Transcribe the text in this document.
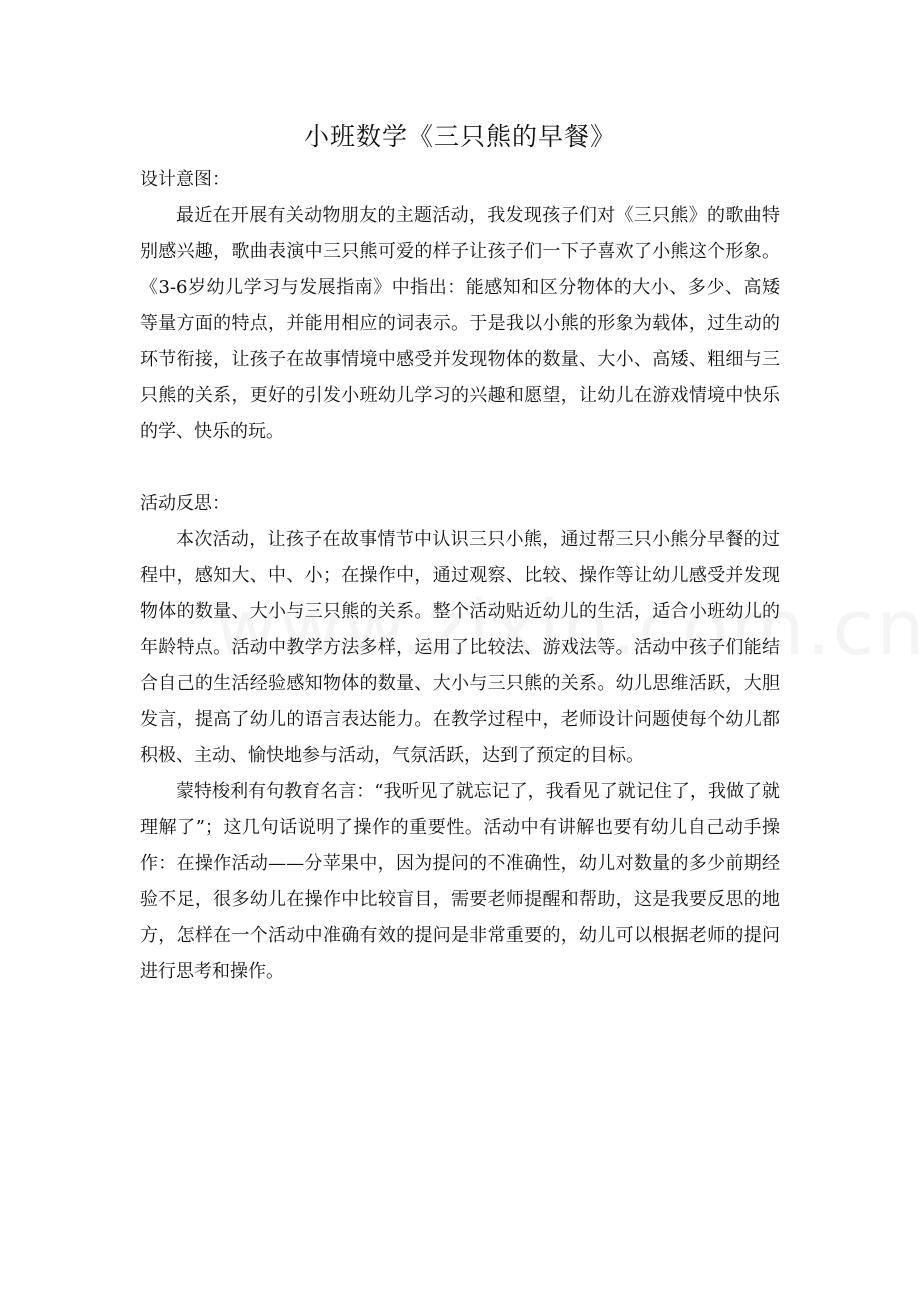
小班数学《三只熊的早餐》

设计意图：

最近在开展有关动物朋友的主题活动，我发现孩子们对《三只熊》的歌曲特别感兴趣，歌曲表演中三只熊可爱的样子让孩子们一下子喜欢了小熊这个形象。《3-6岁幼儿学习与发展指南》中指出：能感知和区分物体的大小、多少、高矮等量方面的特点，并能用相应的词表示。于是我以小熊的形象为载体，过生动的环节衔接，让孩子在故事情境中感受并发现物体的数量、大小、高矮、粗细与三只熊的关系，更好的引发小班幼儿学习的兴趣和愿望，让幼儿在游戏情境中快乐的学、快乐的玩。

活动反思：

本次活动，让孩子在故事情节中认识三只小熊，通过帮三只小熊分早餐的过程中，感知大、中、小；在操作中，通过观察、比较、操作等让幼儿感受并发现物体的数量、大小与三只熊的关系。整个活动贴近幼儿的生活，适合小班幼儿的年龄特点。活动中教学方法多样，运用了比较法、游戏法等。活动中孩子们能结合自己的生活经验感知物体的数量、大小与三只熊的关系。幼儿思维活跃，大胆发言，提高了幼儿的语言表达能力。在教学过程中，老师设计问题使每个幼儿都积极、主动、愉快地参与活动，气氛活跃，达到了预定的目标。

蒙特梭利有句教育名言：“我听见了就忘记了，我看见了就记住了，我做了就理解了”；这几句话说明了操作的重要性。活动中有讲解也要有幼儿自己动手操作：在操作活动——分苹果中，因为提问的不准确性，幼儿对数量的多少前期经验不足，很多幼儿在操作中比较盲目，需要老师提醒和帮助，这是我要反思的地方，怎样在一个活动中准确有效的提问是非常重要的，幼儿可以根据老师的提问进行思考和操作。
